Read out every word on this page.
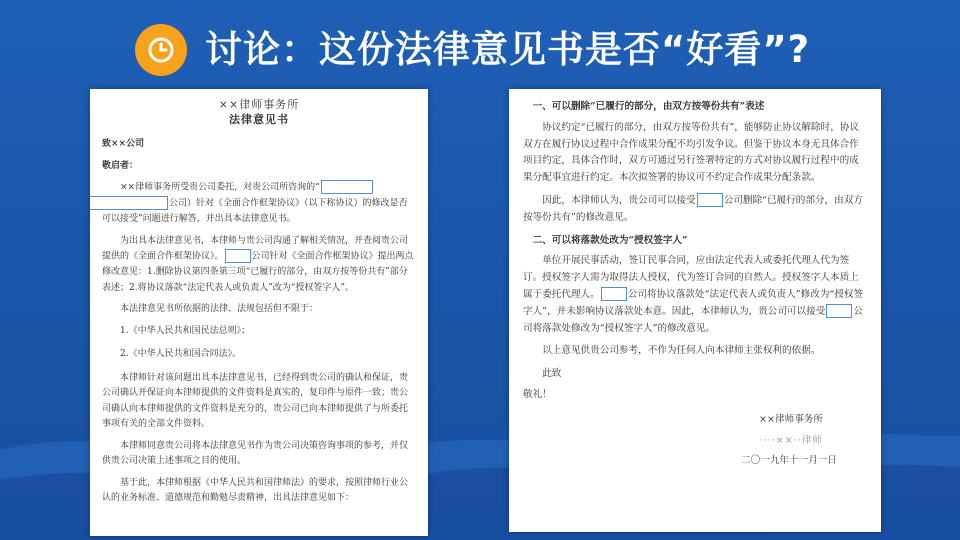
讨论：这份法律意见书是否“好看”?
××律师事务所
法律意见书
致××公司
敬启者：
××律师事务所受贵公司委托，对贵公司所咨询的“
公司）针对《全面合作框架协议》（以下称协议）的修改是否可以接受”问题进行解答，并出具本法律意见书。
为出具本法律意见书，本律师与贵公司沟通了解相关情况，并查阅贵公司提供的《全面合作框架协议》。	公司针对《全面合作框架协议》提出两点修改意见：1.删除协议第四条第三项“已履行的部分，由双方按等份共有”部分表述；2.将协议落款“法定代表人或负责人”改为“授权签字人”。
本法律意见书所依据的法律、法规包括但不限于：
1.《中华人民共和国民法总则》；
2.《中华人民共和国合同法》。
本律师针对该问题出具本法律意见书，已经得到贵公司的确认和保证，贵公司确认并保证向本律师提供的文件资料是真实的，复印件与原件一致；贵公司确认向本律师提供的文件资料是充分的，贵公司已向本律师提供了与所委托事项有关的全部文件资料。
本律师同意贵公司将本法律意见书作为贵公司决策咨询事项的参考，并仅供贵公司决策上述事项之目的使用。
基于此，本律师根据《中华人民共和国律师法》的要求，按照律师行业公认的业务标准、道德规范和勤勉尽责精神，出具法律意见如下：
一、可以删除“已履行的部分，由双方按等份共有”表述
协议约定“已履行的部分，由双方按等份共有”，能够防止协议解除时，协议双方在履行协议过程中合作成果分配不均引发争议。但鉴于协议本身无具体合作项目约定，具体合作时，双方可通过另行签署特定的方式对协议履行过程中的成果分配事宜进行约定。本次拟签署的协议可不约定合作成果分配条款。
因此，本律师认为，贵公司可以接受	公司删除“已履行的部分，由双方按等份共有”的修改意见。
二、可以将落款处改为“授权签字人”
单位开展民事活动，签订民事合同，应由法定代表人或委托代理人代为签订。授权签字人需为取得法人授权，代为签订合同的自然人。授权签字人本质上属于委托代理人。	公司将协议落款处“法定代表人或负责人”修改为“授权签字人”，并未影响协议落款处本意。因此，本律师认为，贵公司可以接受	公司将落款处修改为“授权签字人”的修改意见。
以上意见供贵公司参考，不作为任何人向本律师主张权利的依据。
此致
敬礼！
××律师事务所
····××··律师
二〇一九年十一月一日
